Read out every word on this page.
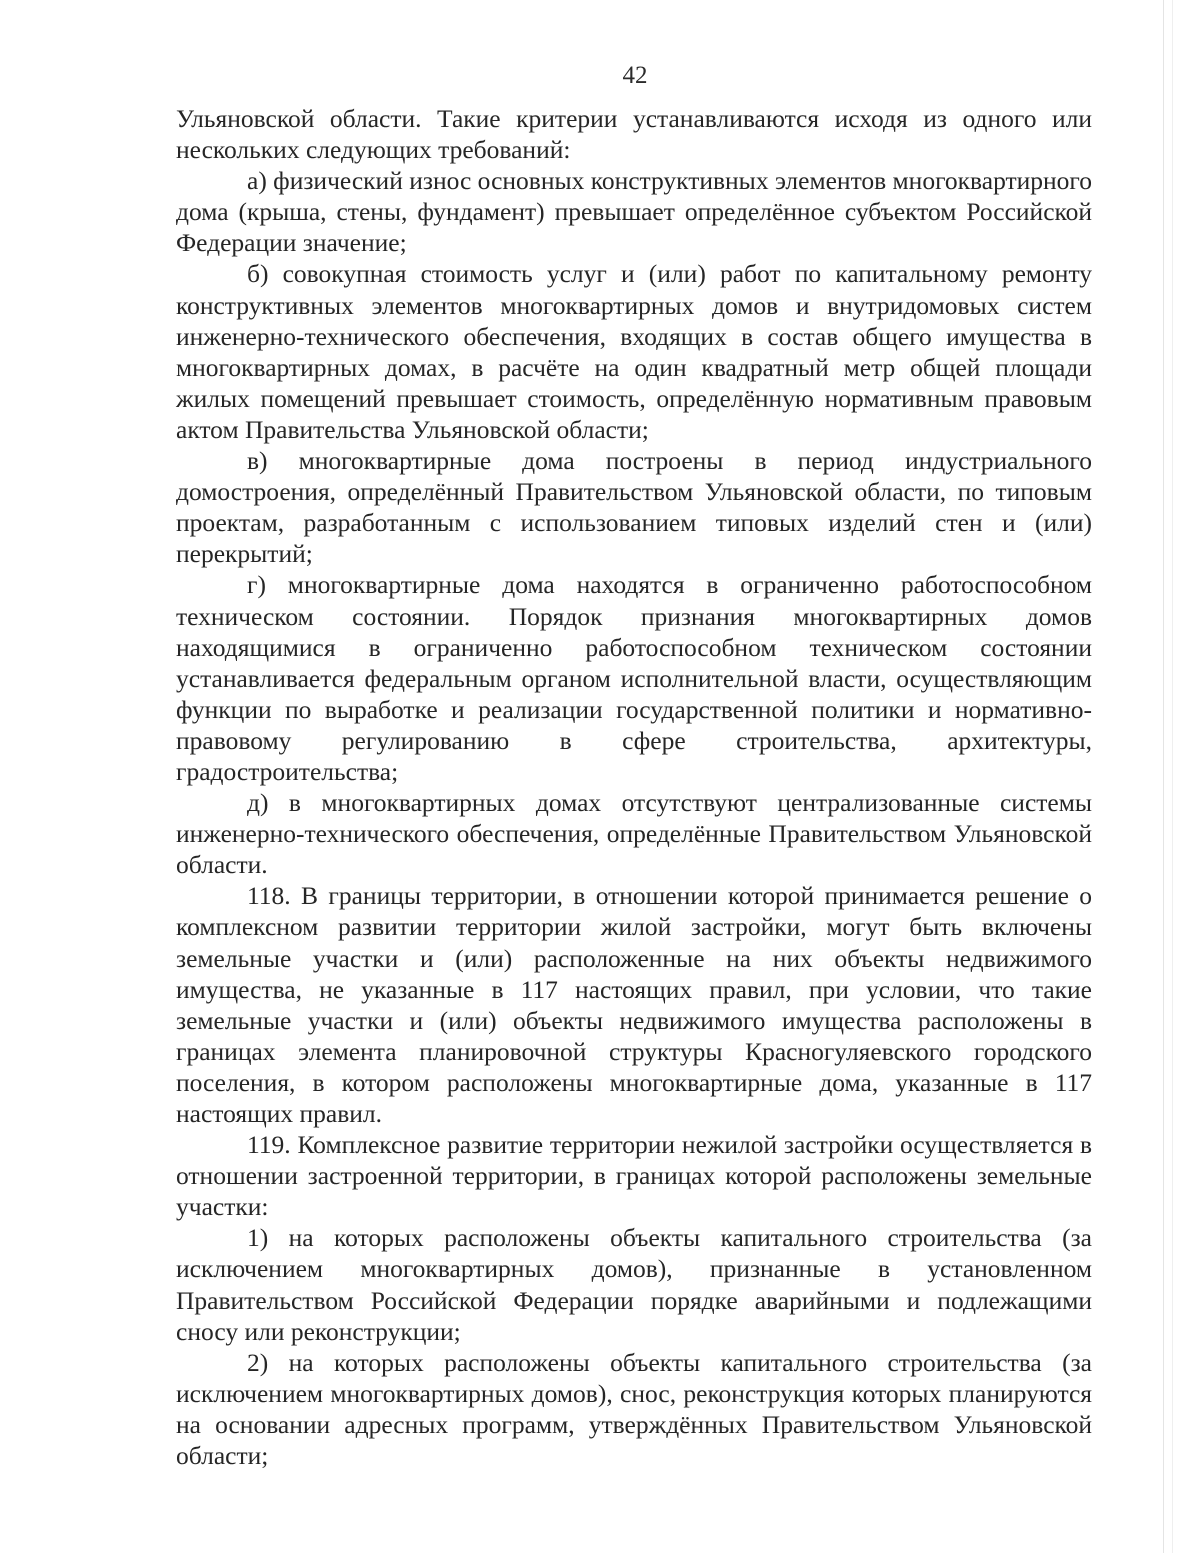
42

Ульяновской области. Такие критерии устанавливаются исходя из одного или нескольких следующих требований:

а) физический износ основных конструктивных элементов многоквартирного дома (крыша, стены, фундамент) превышает определённое субъектом Российской Федерации значение;

б) совокупная стоимость услуг и (или) работ по капитальному ремонту конструктивных элементов многоквартирных домов и внутридомовых систем инженерно-технического обеспечения, входящих в состав общего имущества в многоквартирных домах, в расчёте на один квадратный метр общей площади жилых помещений превышает стоимость, определённую нормативным правовым актом Правительства Ульяновской области;

в) многоквартирные дома построены в период индустриального домостроения, определённый Правительством Ульяновской области, по типовым проектам, разработанным с использованием типовых изделий стен и (или) перекрытий;

г) многоквартирные дома находятся в ограниченно работоспособном техническом состоянии. Порядок признания многоквартирных домов находящимися в ограниченно работоспособном техническом состоянии устанавливается федеральным органом исполнительной власти, осуществляющим функции по выработке и реализации государственной политики и нормативно-правовому регулированию в сфере строительства, архитектуры, градостроительства;

д) в многоквартирных домах отсутствуют централизованные системы инженерно-технического обеспечения, определённые Правительством Ульяновской области.

118. В границы территории, в отношении которой принимается решение о комплексном развитии территории жилой застройки, могут быть включены земельные участки и (или) расположенные на них объекты недвижимого имущества, не указанные в 117 настоящих правил, при условии, что такие земельные участки и (или) объекты недвижимого имущества расположены в границах элемента планировочной структуры Красногуляевского городского поселения, в котором расположены многоквартирные дома, указанные в 117 настоящих правил.

119. Комплексное развитие территории нежилой застройки осуществляется в отношении застроенной территории, в границах которой расположены земельные участки:

1) на которых расположены объекты капитального строительства (за исключением многоквартирных домов), признанные в установленном Правительством Российской Федерации порядке аварийными и подлежащими сносу или реконструкции;

2) на которых расположены объекты капитального строительства (за исключением многоквартирных домов), снос, реконструкция которых планируются на основании адресных программ, утверждённых Правительством Ульяновской области;
